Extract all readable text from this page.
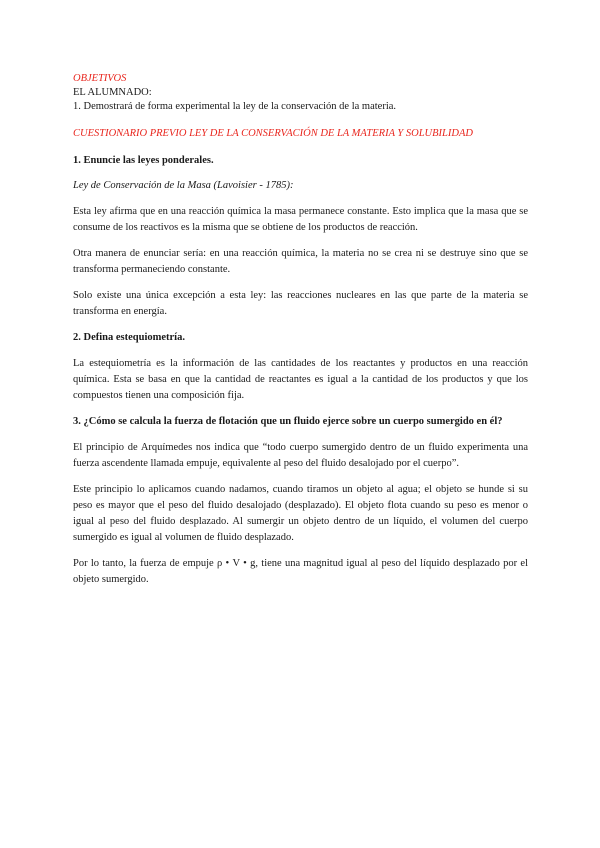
OBJETIVOS

EL ALUMNADO:

1. Demostrará de forma experimental la ley de la conservación de la materia.

CUESTIONARIO PREVIO LEY DE LA CONSERVACIÓN DE LA MATERIA Y SOLUBILIDAD

1. Enuncie las leyes ponderales.

Ley de Conservación de la Masa (Lavoisier - 1785):

Esta ley afirma que en una reacción química la masa permanece constante. Esto implica que la masa que se consume de los reactivos es la misma que se obtiene de los productos de reacción.

Otra manera de enunciar sería: en una reacción química, la materia no se crea ni se destruye sino que se transforma permaneciendo constante.

Solo existe una única excepción a esta ley: las reacciones nucleares en las que parte de la materia se transforma en energía.

2. Defina estequiometría.

La estequiometría es la información de las cantidades de los reactantes y productos en una reacción química. Esta se basa en que la cantidad de reactantes es igual a la cantidad de los productos y que los compuestos tienen una composición fija.

3. ¿Cómo se calcula la fuerza de flotación que un fluido ejerce sobre un cuerpo sumergido en él?

El principio de Arquímedes nos indica que “todo cuerpo sumergido dentro de un fluido experimenta una fuerza ascendente llamada empuje, equivalente al peso del fluido desalojado por el cuerpo”.

Este principio lo aplicamos cuando nadamos, cuando tiramos un objeto al agua; el objeto se hunde si su peso es mayor que el peso del fluido desalojado (desplazado). El objeto flota cuando su peso es menor o igual al peso del fluido desplazado. Al sumergir un objeto dentro de un líquido, el volumen del cuerpo sumergido es igual al volumen de fluido desplazado.

Por lo tanto, la fuerza de empuje ρ • V • g, tiene una magnitud igual al peso del líquido desplazado por el objeto sumergido.
